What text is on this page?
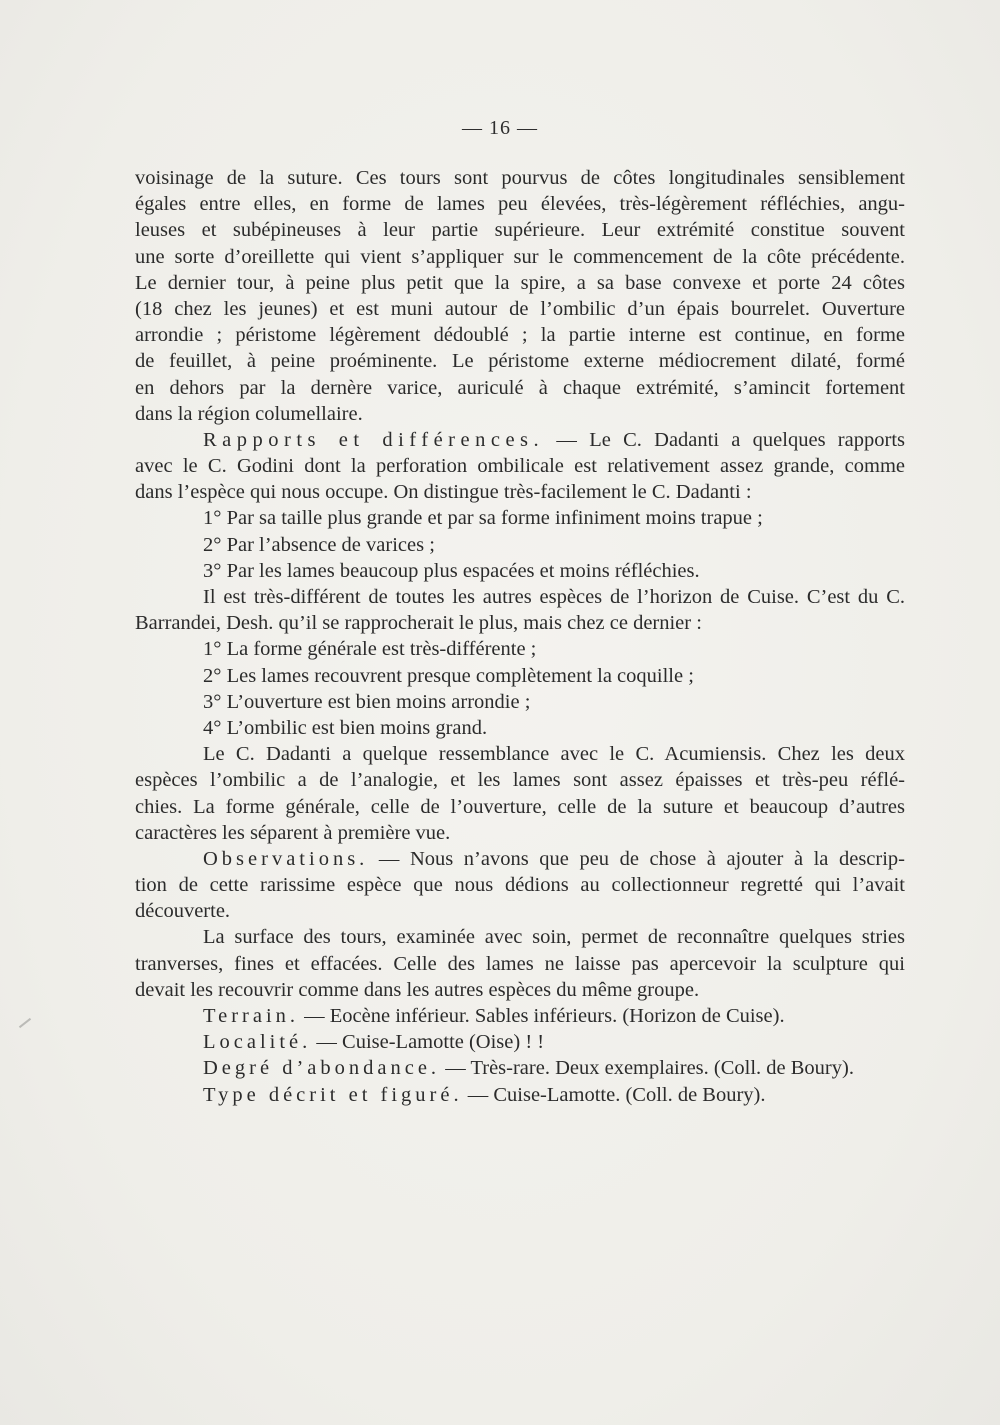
— 16 —
voisinage de la suture. Ces tours sont pourvus de côtes longitudinales sensiblement
égales entre elles, en forme de lames peu élevées, très-légèrement réfléchies, angu-
leuses et subépineuses à leur partie supérieure. Leur extrémité constitue souvent
une sorte d’oreillette qui vient s’appliquer sur le commencement de la côte précédente.
Le dernier tour, à peine plus petit que la spire, a sa base convexe et porte 24 côtes
(18 chez les jeunes) et est muni autour de l’ombilic d’un épais bourrelet. Ouverture
arrondie ; péristome légèrement dédoublé ; la partie interne est continue, en forme
de feuillet, à peine proéminente. Le péristome externe médiocrement dilaté, formé
en dehors par la dernère varice, auriculé à chaque extrémité, s’amincit fortement
dans la région columellaire.
Rapports et différences. — Le C. Dadanti a quelques rapports
avec le C. Godini dont la perforation ombilicale est relativement assez grande, comme
dans l’espèce qui nous occupe. On distingue très-facilement le C. Dadanti :
1° Par sa taille plus grande et par sa forme infiniment moins trapue ;
2° Par l’absence de varices ;
3° Par les lames beaucoup plus espacées et moins réfléchies.
Il est très-différent de toutes les autres espèces de l’horizon de Cuise. C’est du C.
Barrandei, Desh. qu’il se rapprocherait le plus, mais chez ce dernier :
1° La forme générale est très-différente ;
2° Les lames recouvrent presque complètement la coquille ;
3° L’ouverture est bien moins arrondie ;
4° L’ombilic est bien moins grand.
Le C. Dadanti a quelque ressemblance avec le C. Acumiensis. Chez les deux
espèces l’ombilic a de l’analogie, et les lames sont assez épaisses et très-peu réflé-
chies. La forme générale, celle de l’ouverture, celle de la suture et beaucoup d’autres
caractères les séparent à première vue.
Observations. — Nous n’avons que peu de chose à ajouter à la descrip-
tion de cette rarissime espèce que nous dédions au collectionneur regretté qui l’avait
découverte.
La surface des tours, examinée avec soin, permet de reconnaître quelques stries
tranverses, fines et effacées. Celle des lames ne laisse pas apercevoir la sculpture qui
devait les recouvrir comme dans les autres espèces du même groupe.
Terrain. — Eocène inférieur. Sables inférieurs. (Horizon de Cuise).
Localité. — Cuise-Lamotte (Oise) ! !
Degré d’abondance. — Très-rare. Deux exemplaires. (Coll. de Boury).
Type décrit et figuré. — Cuise-Lamotte. (Coll. de Boury).
